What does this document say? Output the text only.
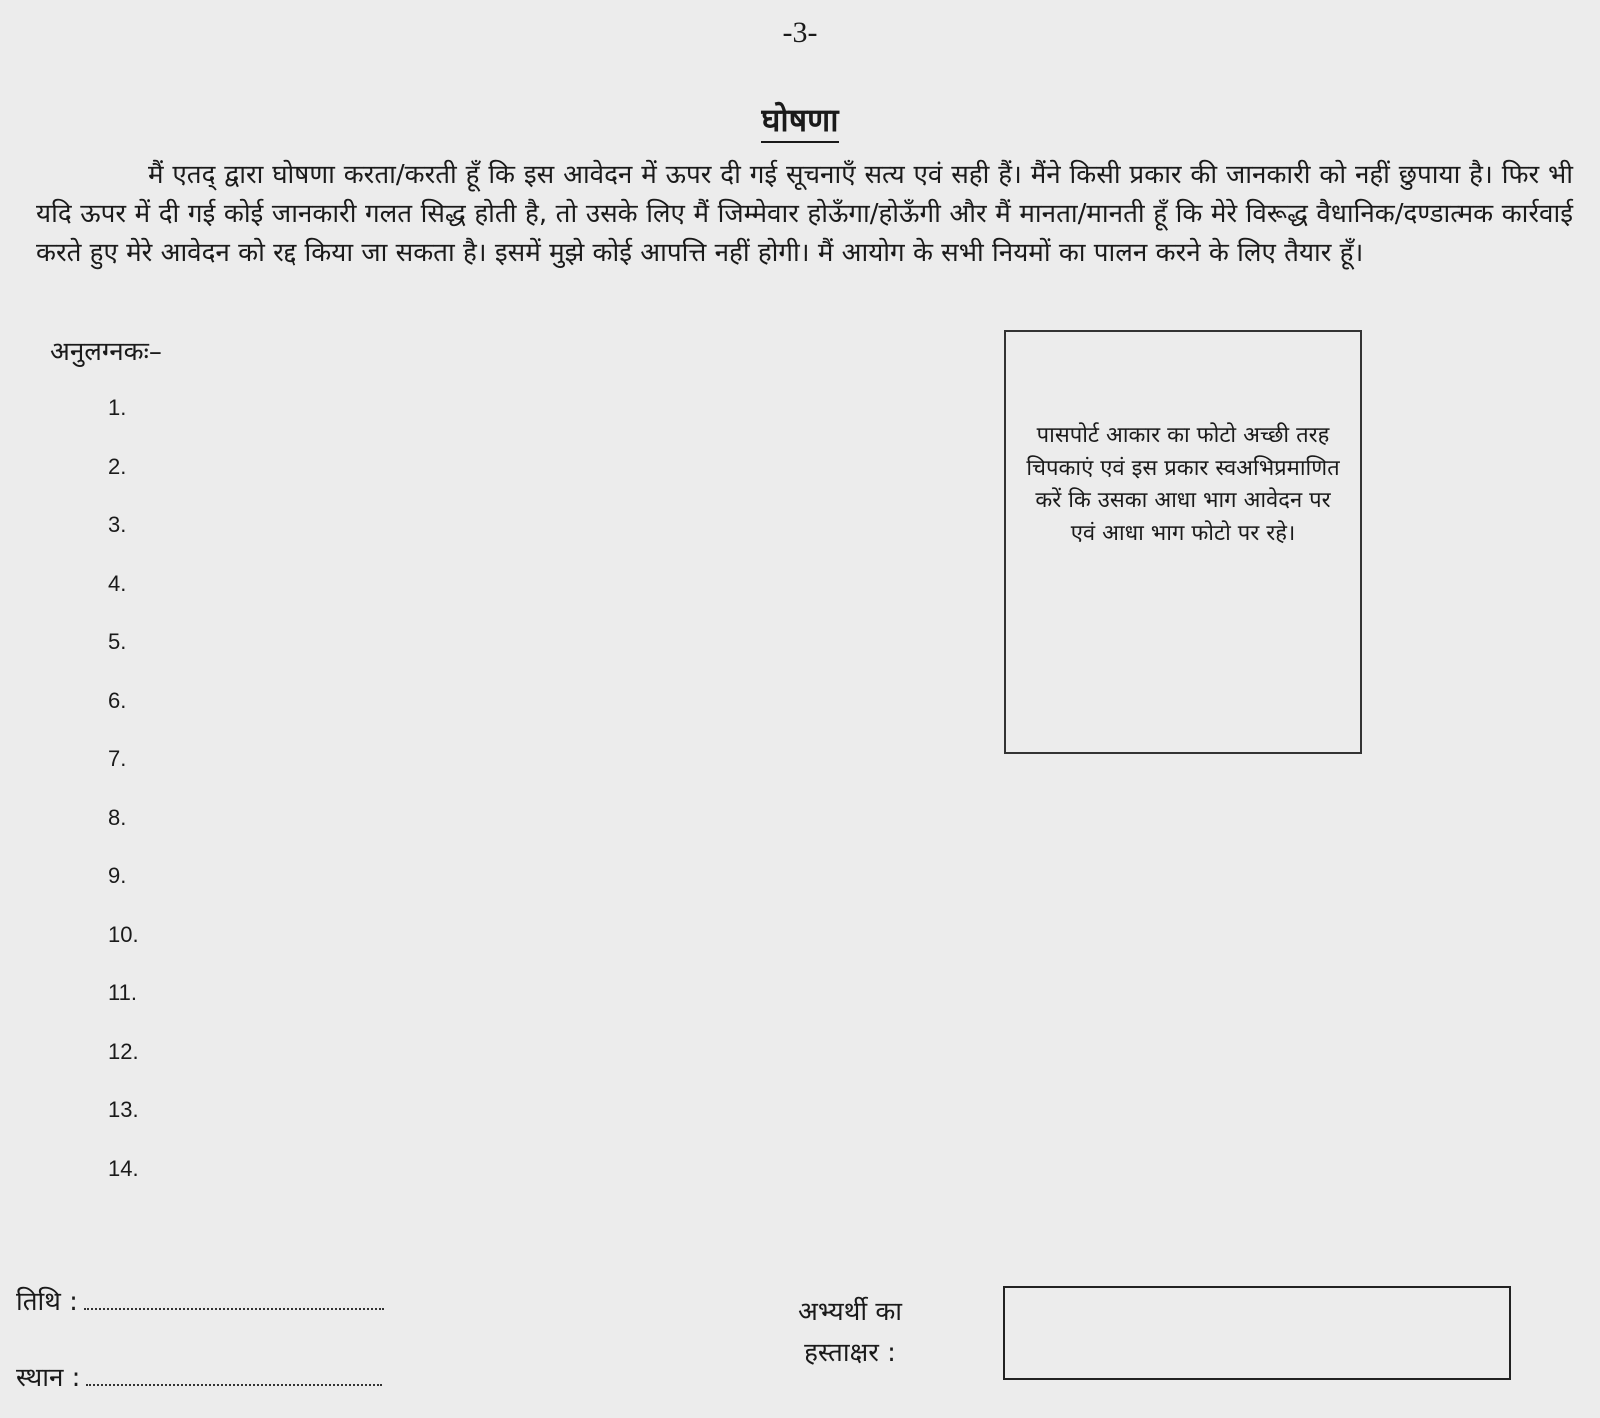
-3-
घोषणा

मैं एतद् द्वारा घोषणा करता/करती हूँ कि इस आवेदन में ऊपर दी गई सूचनाएँ सत्य एवं सही हैं। मैंने किसी प्रकार की जानकारी को नहीं छुपाया है। फिर भी यदि ऊपर में दी गई कोई जानकारी गलत सिद्ध होती है, तो उसके लिए मैं जिम्मेवार होऊँगा/होऊँगी और मैं मानता/मानती हूँ कि मेरे विरूद्ध वैधानिक/दण्डात्मक कार्रवाई करते हुए मेरे आवेदन को रद्द किया जा सकता है। इसमें मुझे कोई आपत्ति नहीं होगी। मैं आयोग के सभी नियमों का पालन करने के लिए तैयार हूँ।

अनुलग्नकः–
1.
2.
3.
4.
5.
6.
7.
8.
9.
10.
11.
12.
13.
14.
पासपोर्ट आकार का फोटो अच्छी तरह चिपकाएं एवं इस प्रकार स्वअभिप्रमाणित करें कि उसका आधा भाग आवेदन पर एवं आधा भाग फोटो पर रहे।
तिथि :
स्थान :
अभ्यर्थी का
हस्ताक्षर :
